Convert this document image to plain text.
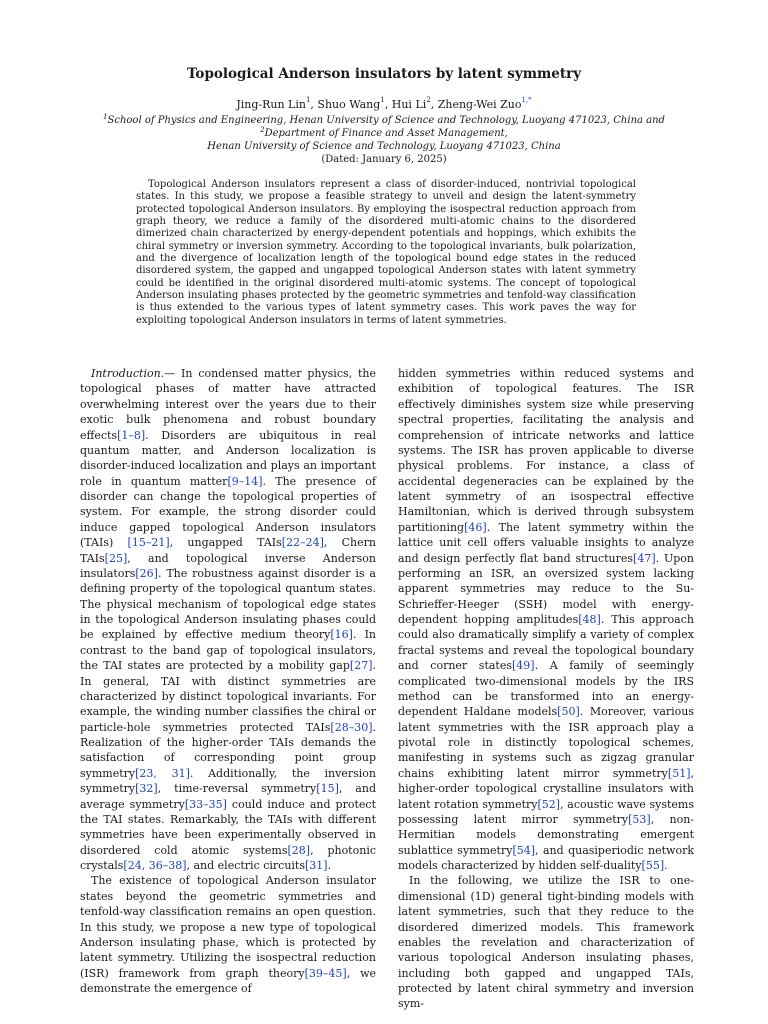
Topological Anderson insulators by latent symmetry
Jing-Run Lin$^1$, Shuo Wang$^1$, Hui Li$^2$, Zheng-Wei Zuo$^{1,*}$
$^1$School of Physics and Engineering, Henan University of Science and Technology, Luoyang 471023, China and
$^2$Department of Finance and Asset Management,
Henan University of Science and Technology, Luoyang 471023, China
(Dated: January 6, 2025)

Topological Anderson insulators represent a class of disorder-induced, nontrivial topological states. In this study, we propose a feasible strategy to unveil and design the latent-symmetry protected topological Anderson insulators. By employing the isospectral reduction approach from graph theory, we reduce a family of the disordered multi-atomic chains to the disordered dimerized chain characterized by energy-dependent potentials and hoppings, which exhibits the chiral symmetry or inversion symmetry. According to the topological invariants, bulk polarization, and the divergence of localization length of the topological bound edge states in the reduced disordered system, the gapped and ungapped topological Anderson states with latent symmetry could be identified in the original disordered multi-atomic systems. The concept of topological Anderson insulating phases protected by the geometric symmetries and tenfold-way classification is thus extended to the various types of latent symmetry cases. This work paves the way for exploiting topological Anderson insulators in terms of latent symmetries.

Introduction.— In condensed matter physics, the topological phases of matter have attracted overwhelming interest over the years due to their exotic bulk phenomena and robust boundary effects[1–8]. Disorders are ubiquitous in real quantum matter, and Anderson localization is disorder-induced localization and plays an important role in quantum matter[9–14]. The presence of disorder can change the topological properties of system. For example, the strong disorder could induce gapped topological Anderson insulators (TAIs) [15–21], ungapped TAIs[22–24], Chern TAIs[25], and topological inverse Anderson insulators[26]. The robustness against disorder is a defining property of the topological quantum states. The physical mechanism of topological edge states in the topological Anderson insulating phases could be explained by effective medium theory[16]. In contrast to the band gap of topological insulators, the TAI states are protected by a mobility gap[27]. In general, TAI with distinct symmetries are characterized by distinct topological invariants. For example, the winding number classifies the chiral or particle-hole symmetries protected TAIs[28–30]. Realization of the higher-order TAIs demands the satisfaction of corresponding point group symmetry[23, 31]. Additionally, the inversion symmetry[32], time-reversal symmetry[15], and average symmetry[33–35] could induce and protect the TAI states. Remarkably, the TAIs with different symmetries have been experimentally observed in disordered cold atomic systems[28], photonic crystals[24, 36–38], and electric circuits[31].

The existence of topological Anderson insulator states beyond the geometric symmetries and tenfold-way classification remains an open question. In this study, we propose a new type of topological Anderson insulating phase, which is protected by latent symmetry. Utilizing the isospectral reduction (ISR) framework from graph theory[39–45], we demonstrate the emergence of

hidden symmetries within reduced systems and exhibition of topological features. The ISR effectively diminishes system size while preserving spectral properties, facilitating the analysis and comprehension of intricate networks and lattice systems. The ISR has proven applicable to diverse physical problems. For instance, a class of accidental degeneracies can be explained by the latent symmetry of an isospectral effective Hamiltonian, which is derived through subsystem partitioning[46]. The latent symmetry within the lattice unit cell offers valuable insights to analyze and design perfectly flat band structures[47]. Upon performing an ISR, an oversized system lacking apparent symmetries may reduce to the Su-Schrieffer-Heeger (SSH) model with energy-dependent hopping amplitudes[48]. This approach could also dramatically simplify a variety of complex fractal systems and reveal the topological boundary and corner states[49]. A family of seemingly complicated two-dimensional models by the IRS method can be transformed into an energy-dependent Haldane models[50]. Moreover, various latent symmetries with the ISR approach play a pivotal role in distinctly topological schemes, manifesting in systems such as zigzag granular chains exhibiting latent mirror symmetry[51], higher-order topological crystalline insulators with latent rotation symmetry[52], acoustic wave systems possessing latent mirror symmetry[53], non-Hermitian models demonstrating emergent sublattice symmetry[54], and quasiperiodic network models characterized by hidden self-duality[55].

In the following, we utilize the ISR to one-dimensional (1D) general tight-binding models with latent symmetries, such that they reduce to the disordered dimerized models. This framework enables the revelation and characterization of various topological Anderson insulating phases, including both gapped and ungapped TAIs, protected by latent chiral symmetry and inversion sym-
